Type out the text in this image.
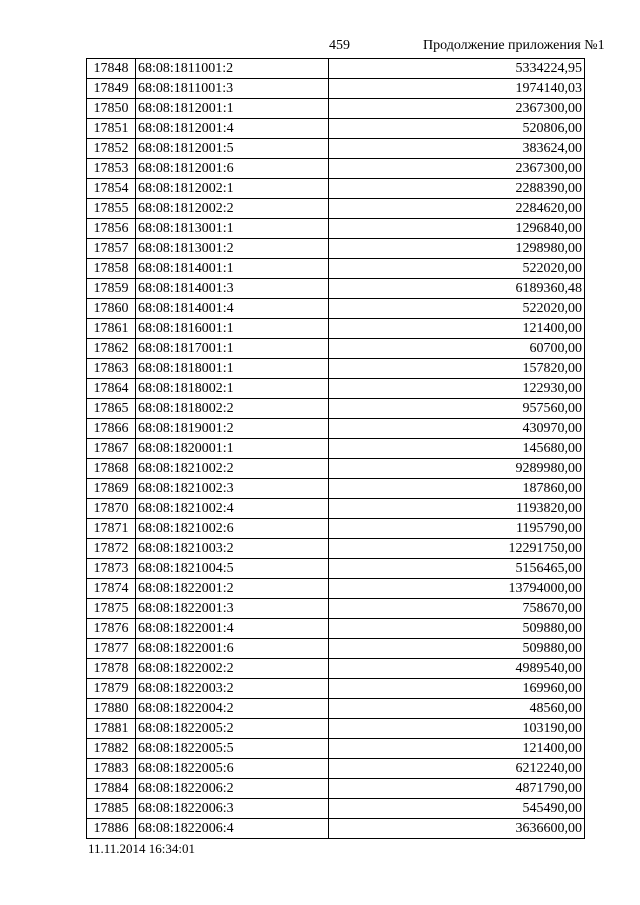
459	Продолжение приложения №1
17848	68:08:1811001:2	5334224,95
17849	68:08:1811001:3	1974140,03
17850	68:08:1812001:1	2367300,00
17851	68:08:1812001:4	520806,00
17852	68:08:1812001:5	383624,00
17853	68:08:1812001:6	2367300,00
17854	68:08:1812002:1	2288390,00
17855	68:08:1812002:2	2284620,00
17856	68:08:1813001:1	1296840,00
17857	68:08:1813001:2	1298980,00
17858	68:08:1814001:1	522020,00
17859	68:08:1814001:3	6189360,48
17860	68:08:1814001:4	522020,00
17861	68:08:1816001:1	121400,00
17862	68:08:1817001:1	60700,00
17863	68:08:1818001:1	157820,00
17864	68:08:1818002:1	122930,00
17865	68:08:1818002:2	957560,00
17866	68:08:1819001:2	430970,00
17867	68:08:1820001:1	145680,00
17868	68:08:1821002:2	9289980,00
17869	68:08:1821002:3	187860,00
17870	68:08:1821002:4	1193820,00
17871	68:08:1821002:6	1195790,00
17872	68:08:1821003:2	12291750,00
17873	68:08:1821004:5	5156465,00
17874	68:08:1822001:2	13794000,00
17875	68:08:1822001:3	758670,00
17876	68:08:1822001:4	509880,00
17877	68:08:1822001:6	509880,00
17878	68:08:1822002:2	4989540,00
17879	68:08:1822003:2	169960,00
17880	68:08:1822004:2	48560,00
17881	68:08:1822005:2	103190,00
17882	68:08:1822005:5	121400,00
17883	68:08:1822005:6	6212240,00
17884	68:08:1822006:2	4871790,00
17885	68:08:1822006:3	545490,00
17886	68:08:1822006:4	3636600,00
11.11.2014 16:34:01
